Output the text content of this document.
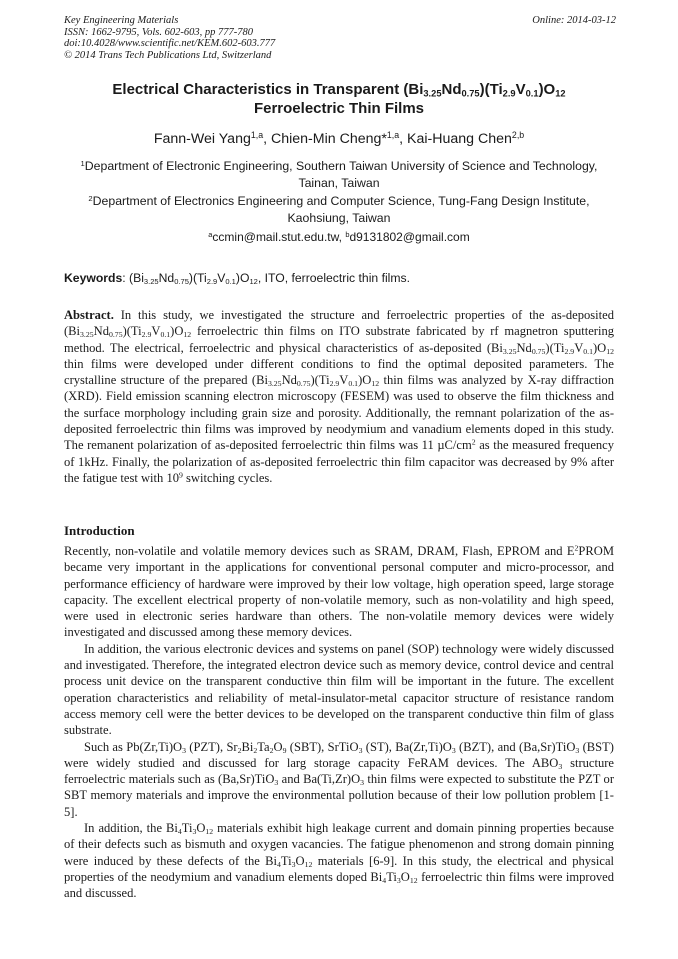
Key Engineering Materials
ISSN: 1662-9795, Vols. 602-603, pp 777-780
doi:10.4028/www.scientific.net/KEM.602-603.777
© 2014 Trans Tech Publications Ltd, Switzerland
Online: 2014-03-12
Electrical Characteristics in Transparent $(Bi_{3.25}Nd_{0.75})(Ti_{2.9}V_{0.1})O_{12}$
Ferroelectric Thin Films
Fann-Wei Yang$^{1,a}$, Chien-Min Cheng*$^{1,a}$, Kai-Huang Chen$^{2,b}$
$^1$Department of Electronic Engineering, Southern Taiwan University of Science and Technology, Tainan, Taiwan
$^2$Department of Electronics Engineering and Computer Science, Tung-Fang Design Institute, Kaohsiung, Taiwan
$^a$ccmin@mail.stut.edu.tw, $^b$d9131802@gmail.com
Keywords: $(Bi_{3.25}Nd_{0.75})(Ti_{2.9}V_{0.1})O_{12}$, ITO, ferroelectric thin films.
Abstract. In this study, we investigated the structure and ferroelectric properties of the as-deposited $(Bi_{3.25}Nd_{0.75})(Ti_{2.9}V_{0.1})O_{12}$ ferroelectric thin films on ITO substrate fabricated by rf magnetron sputtering method. The electrical, ferroelectric and physical characteristics of as-deposited $(Bi_{3.25}Nd_{0.75})(Ti_{2.9}V_{0.1})O_{12}$ thin films were developed under different conditions to find the optimal deposited parameters. The crystalline structure of the prepared $(Bi_{3.25}Nd_{0.75})(Ti_{2.9}V_{0.1})O_{12}$ thin films was analyzed by X-ray diffraction (XRD). Field emission scanning electron microscopy (FESEM) was used to observe the film thickness and the surface morphology including grain size and porosity. Additionally, the remnant polarization of the as-deposited ferroelectric thin films was improved by neodymium and vanadium elements doped in this study. The remanent polarization of as-deposited ferroelectric thin films was 11 $\mu C/cm^2$ as the measured frequency of 1kHz. Finally, the polarization of as-deposited ferroelectric thin film capacitor was decreased by 9% after the fatigue test with $10^9$ switching cycles.
Introduction

Recently, non-volatile and volatile memory devices such as SRAM, DRAM, Flash, EPROM and $E^2PROM$ became very important in the applications for conventional personal computer and micro-processor, and performance efficiency of hardware were improved by their low voltage, high operation speed, large storage capacity. The excellent electrical property of non-volatile memory, such as non-volatility and high speed, were used in electronic series hardware than others. The non-volatile memory devices were widely investigated and discussed among these memory devices.

In addition, the various electronic devices and systems on panel (SOP) technology were widely discussed and investigated. Therefore, the integrated electron device such as memory device, control device and central process unit device on the transparent conductive thin film will be important in the future. The excellent operation characteristics and reliability of metal-insulator-metal capacitor structure of resistance random access memory cell were the better devices to be developed on the transparent conductive thin film of glass substrate.

Such as $Pb(Zr,Ti)O_3$ (PZT), $Sr_2Bi_2Ta_2O_9$ (SBT), SrTiO$_3$ (ST), $Ba(Zr,Ti)O_3$ (BZT), and (Ba,Sr)TiO$_3$ (BST) were widely studied and discussed for larg storage capacity FeRAM devices. The $ABO_3$ structure ferroelectric materials such as (Ba,Sr)TiO$_3$ and $Ba(Ti,Zr)O_3$ thin films were expected to substitute the PZT or SBT memory materials and improve the environmental pollution because of their low pollution problem [1-5].

In addition, the $Bi_4Ti_3O_{12}$ materials exhibit high leakage current and domain pinning properties because of their defects such as bismuth and oxygen vacancies. The fatigue phenomenon and strong domain pinning were induced by these defects of the $Bi_4Ti_3O_{12}$ materials [6-9]. In this study, the electrical and physical properties of the neodymium and vanadium elements doped $Bi_4Ti_3O_{12}$ ferroelectric thin films were improved and discussed.
